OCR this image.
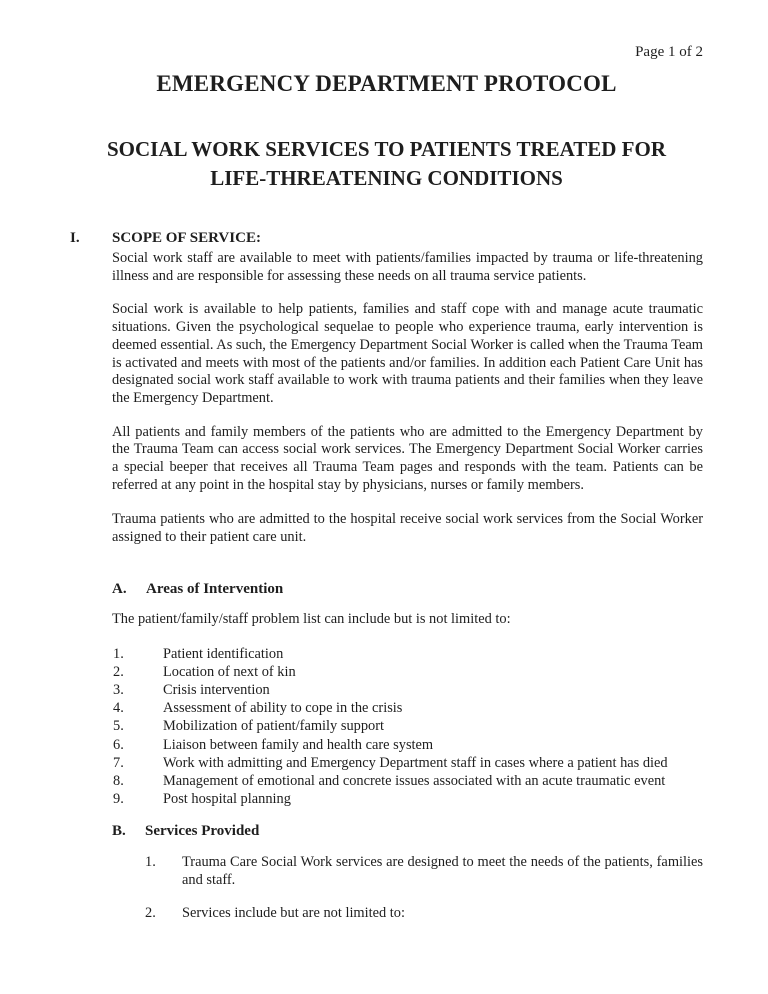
Page 1 of 2
EMERGENCY DEPARTMENT PROTOCOL
SOCIAL WORK SERVICES TO PATIENTS TREATED FOR
LIFE-THREATENING CONDITIONS
I.	SCOPE OF SERVICE:

Social work staff are available to meet with patients/families impacted by trauma or life-threatening illness and are responsible for assessing these needs on all trauma service patients.

Social work is available to help patients, families and staff cope with and manage acute traumatic situations. Given the psychological sequelae to people who experience trauma, early intervention is deemed essential. As such, the Emergency Department Social Worker is called when the Trauma Team is activated and meets with most of the patients and/or families. In addition each Patient Care Unit has designated social work staff available to work with trauma patients and their families when they leave the Emergency Department.

All patients and family members of the patients who are admitted to the Emergency Department by the Trauma Team can access social work services. The Emergency Department Social Worker carries a special beeper that receives all Trauma Team pages and responds with the team. Patients can be referred at any point in the hospital stay by physicians, nurses or family members.

Trauma patients who are admitted to the hospital receive social work services from the Social Worker assigned to their patient care unit.

A.	Areas of Intervention
The patient/family/staff problem list can include but is not limited to:
1.	Patient identification
2.	Location of next of kin
3.	Crisis intervention
4.	Assessment of ability to cope in the crisis
5.	Mobilization of patient/family support
6.	Liaison between family and health care system
7.	Work with admitting and Emergency Department staff in cases where a patient has died
8.	Management of emotional and concrete issues associated with an acute traumatic event
9.	Post hospital planning
B.	Services Provided
1.	Trauma Care Social Work services are designed to meet the needs of the patients, families and staff.
2.	Services include but are not limited to:
